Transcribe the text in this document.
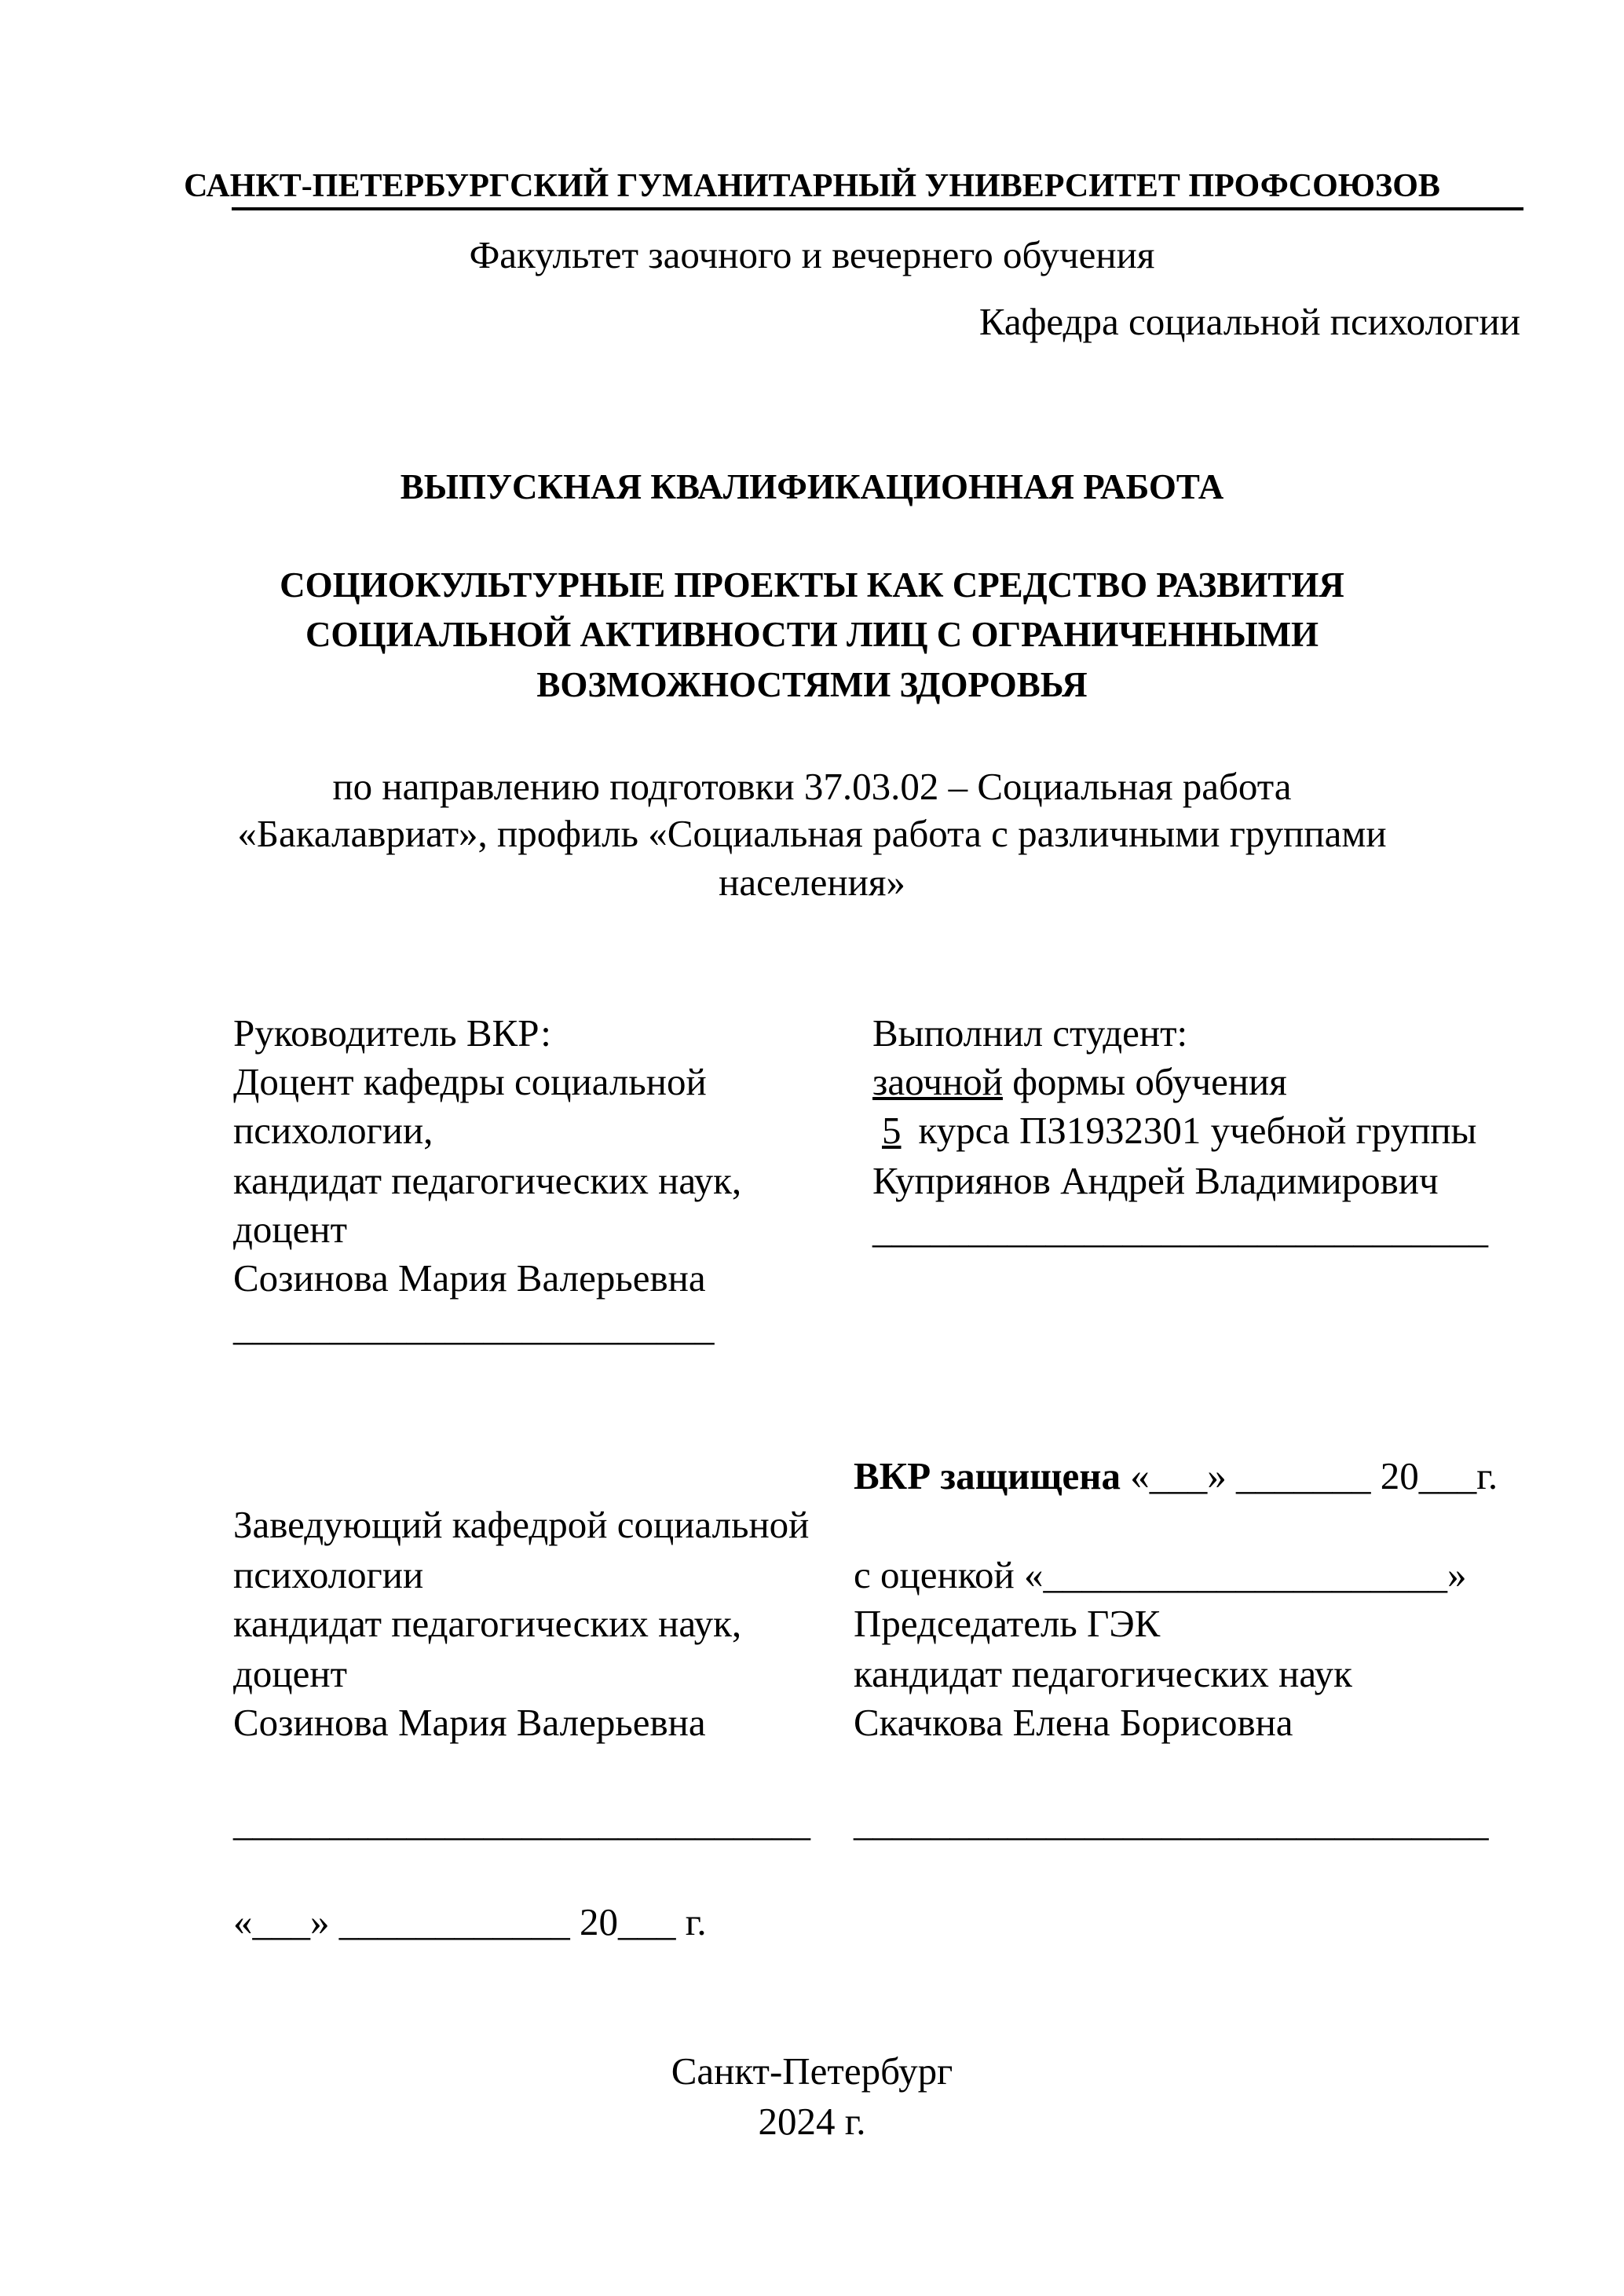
САНКТ-ПЕТЕРБУРГСКИЙ ГУМАНИТАРНЫЙ УНИВЕРСИТЕТ ПРОФСОЮЗОВ
Факультет заочного и вечернего обучения
Кафедра социальной психологии
ВЫПУСКНАЯ КВАЛИФИКАЦИОННАЯ РАБОТА
СОЦИОКУЛЬТУРНЫЕ ПРОЕКТЫ КАК СРЕДСТВО РАЗВИТИЯ
СОЦИАЛЬНОЙ АКТИВНОСТИ ЛИЦ С ОГРАНИЧЕННЫМИ
ВОЗМОЖНОСТЯМИ ЗДОРОВЬЯ
по направлению подготовки 37.03.02 – Социальная работа
«Бакалавриат», профиль «Социальная работа с различными группами
населения»
Руководитель ВКР:
Доцент кафедры социальной
психологии,
кандидат педагогических наук,
доцент
Созинова Мария Валерьевна
_________________________
Выполнил студент:
заочной формы обучения
5 курса ПЗ1932301 учебной группы
Куприянов Андрей Владимирович
________________________________
ВКР защищена «___» _______ 20___г.
с оценкой «_____________________»
Председатель ГЭК
кандидат педагогических наук
Скачкова Елена Борисовна
_________________________________
Заведующий кафедрой социальной
психологии
кандидат педагогических наук,
доцент
Созинова Мария Валерьевна
______________________________
«___» ____________ 20___ г.
Санкт-Петербург
2024 г.
